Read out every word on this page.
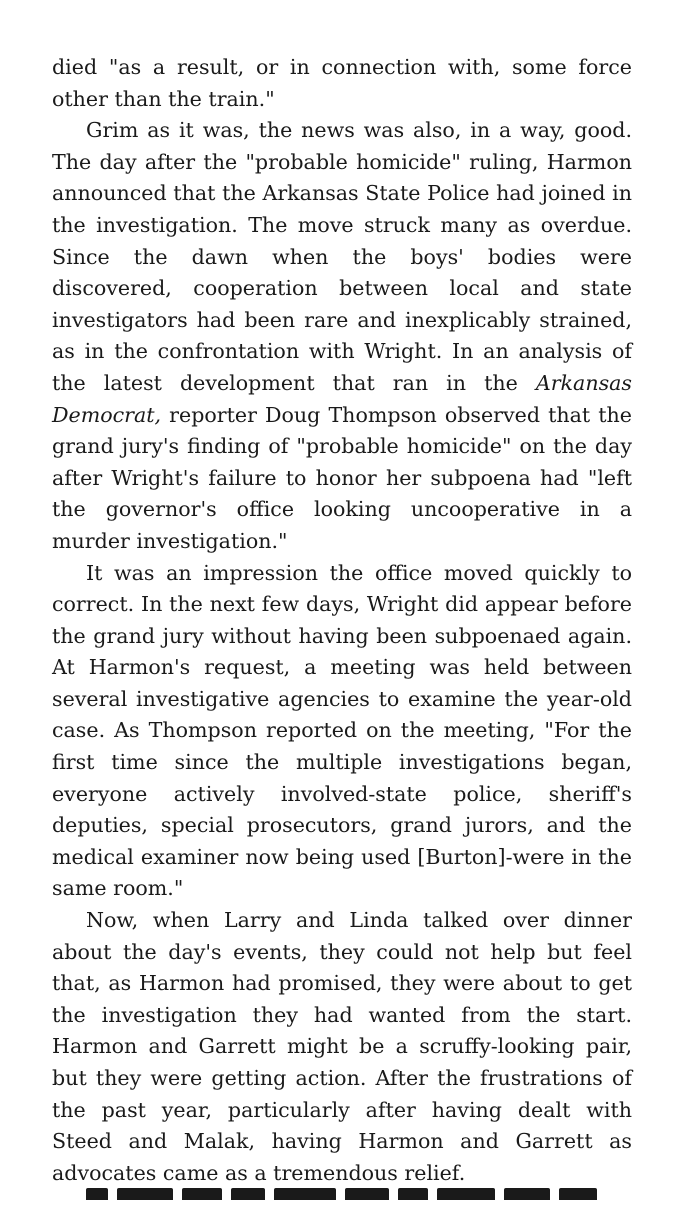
died "as a result, or in connection with, some force other than the train."

Grim as it was, the news was also, in a way, good. The day after the "probable homicide" ruling, Harmon announced that the Arkansas State Police had joined in the investigation. The move struck many as overdue. Since the dawn when the boys' bodies were discovered, cooperation between local and state investigators had been rare and inexplicably strained, as in the confrontation with Wright. In an analysis of the latest development that ran in the Arkansas Democrat, reporter Doug Thompson observed that the grand jury's finding of "probable homicide" on the day after Wright's failure to honor her subpoena had "left the governor's office looking uncooperative in a murder investigation."

It was an impression the office moved quickly to correct. In the next few days, Wright did appear before the grand jury without having been subpoenaed again. At Harmon's request, a meeting was held between several investigative agencies to examine the year-old case. As Thompson reported on the meeting, "For the first time since the multiple investigations began, everyone actively involved-state police, sheriff's deputies, special prosecutors, grand jurors, and the medical examiner now being used [Burton]-were in the same room."

Now, when Larry and Linda talked over dinner about the day's events, they could not help but feel that, as Harmon had promised, they were about to get the investigation they had wanted from the start. Harmon and Garrett might be a scruffy-looking pair, but they were getting action. After the frustrations of the past year, particularly after having dealt with Steed and Malak, having Harmon and Garrett as advocates came as a tremendous relief.
